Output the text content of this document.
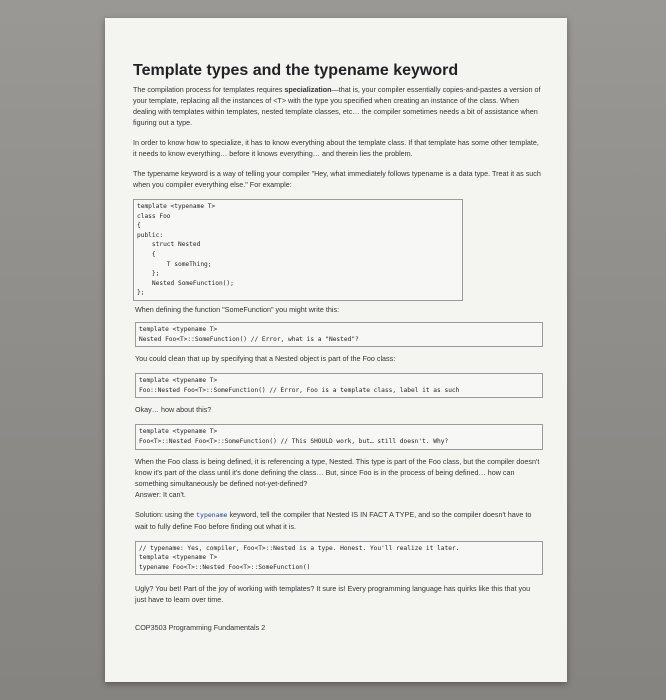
Template types and the typename keyword

The compilation process for templates requires specialization—that is, your compiler essentially copies-and-pastes a version of your template, replacing all the instances of <T> with the type you specified when creating an instance of the class. When dealing with templates within templates, nested template classes, etc… the compiler sometimes needs a bit of assistance when figuring out a type.

In order to know how to specialize, it has to know everything about the template class. If that template has some other template, it needs to know everything… before it knows everything… and therein lies the problem.

The typename keyword is a way of telling your compiler "Hey, what immediately follows typename is a data type. Treat it as such when you compiler everything else." For example:

template <typename T>
class Foo
{
public:
struct Nested
{
T someThing;
};
Nested SomeFunction();
};

When defining the function "SomeFunction" you might write this:

template <typename T>
Nested Foo<T>::SomeFunction() // Error, what is a "Nested"?

You could clean that up by specifying that a Nested object is part of the Foo class:

template <typename T>
Foo::Nested Foo<T>::SomeFunction() // Error, Foo is a template class, label it as such

Okay… how about this?

template <typename T>
Foo<T>::Nested Foo<T>::SomeFunction() // This SHOULD work, but… still doesn't. Why?

When the Foo class is being defined, it is referencing a type, Nested. This type is part of the Foo class, but the compiler doesn't know it's part of the class until it's done defining the class… But, since Foo is in the process of being defined… how can something simultaneously be defined not-yet-defined?

Answer: It can't.

Solution: using the typename keyword, tell the compiler that Nested IS IN FACT A TYPE, and so the compiler doesn't have to wait to fully define Foo before finding out what it is.

// typename: Yes, compiler, Foo<T>::Nested is a type. Honest. You'll realize it later.
template <typename T>
typename Foo<T>::Nested Foo<T>::SomeFunction()

Ugly? You bet! Part of the joy of working with templates? It sure is! Every programming language has quirks like this that you just have to learn over time.

COP3503 Programming Fundamentals 2
